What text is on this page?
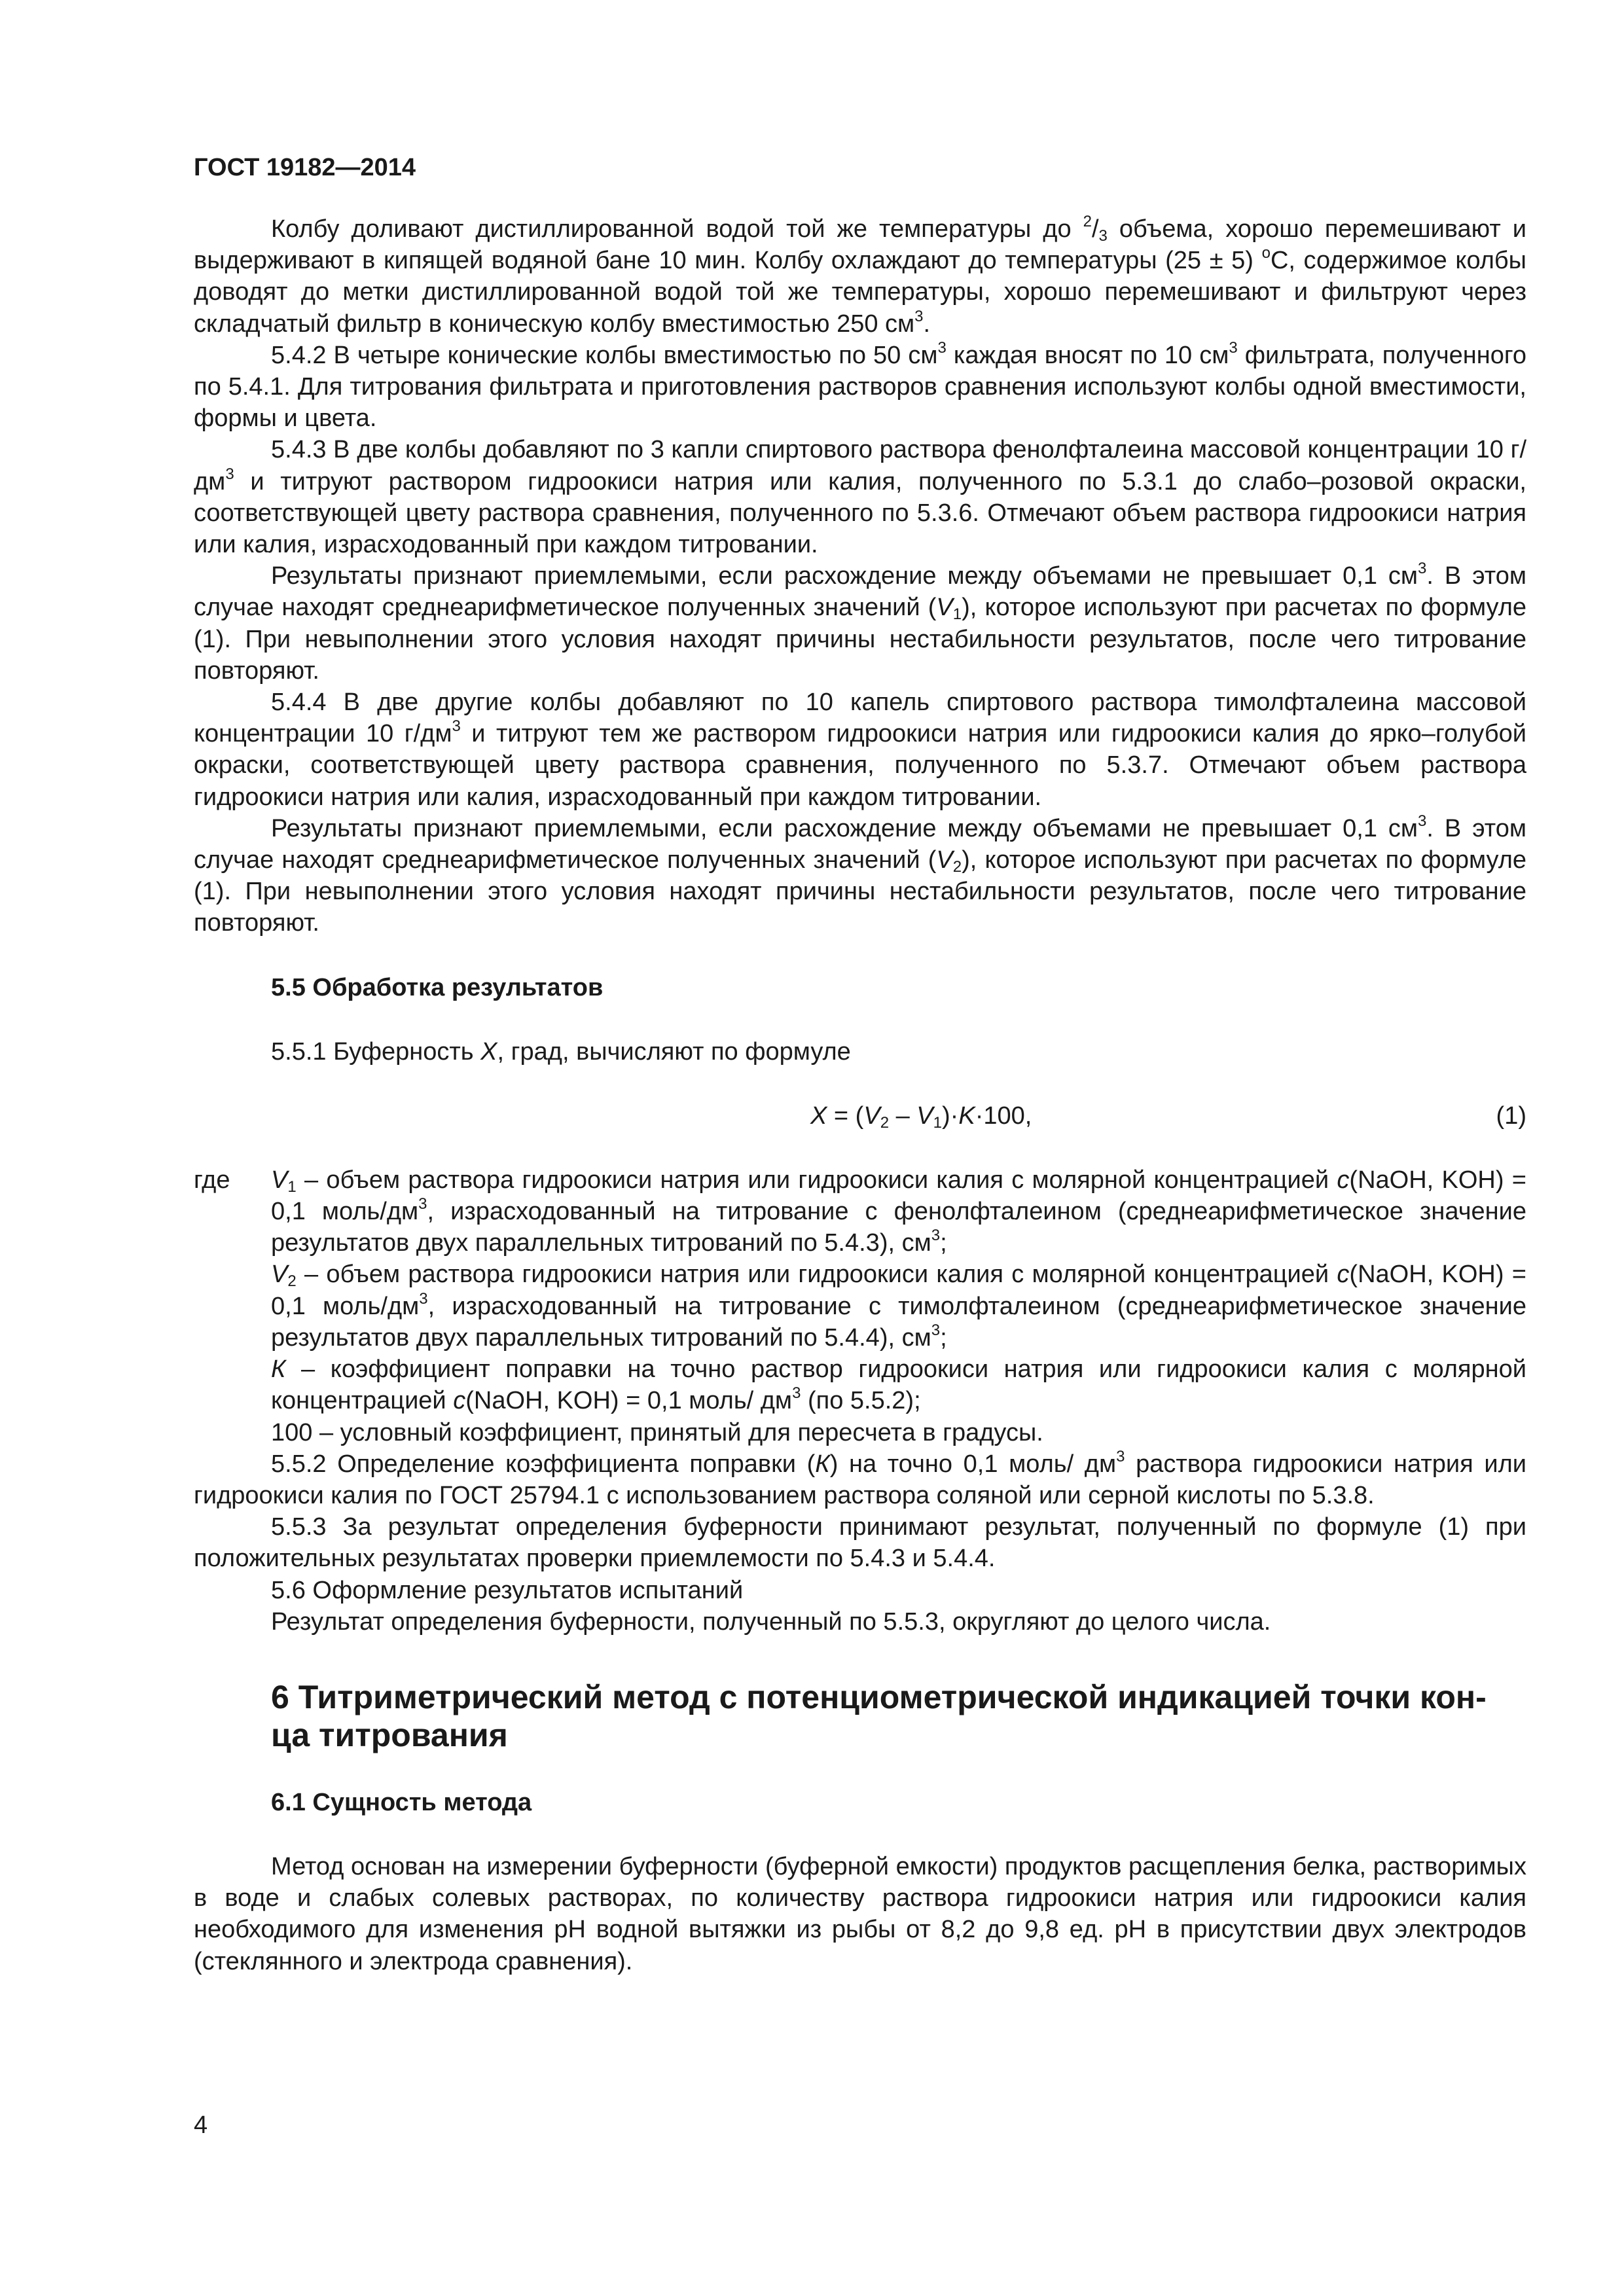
ГОСТ 19182—2014

Колбу доливают дистиллированной водой той же температуры до $^2/_3$ объема, хорошо перемешивают и выдерживают в кипящей водяной бане 10 мин. Колбу охлаждают до температуры (25 ± 5) $^о$С, содержимое колбы доводят до метки дистиллированной водой той же температуры, хорошо перемешивают и фильтруют через складчатый фильтр в коническую колбу вместимостью 250 $см^3$.

5.4.2 В четыре конические колбы вместимостью по 50 $см^3$ каждая вносят по 10 $см^3$ фильтрата, полученного по 5.4.1. Для титрования фильтрата и приготовления растворов сравнения используют колбы одной вместимости, формы и цвета.

5.4.3 В две колбы добавляют по 3 капли спиртового раствора фенолфталеина массовой концентрации 10 $г/дм^3$ и титруют раствором гидроокиси натрия или калия, полученного по 5.3.1 до слабо–розовой окраски, соответствующей цвету раствора сравнения, полученного по 5.3.6. Отмечают объем раствора гидроокиси натрия или калия, израсходованный при каждом титровании.

Результаты признают приемлемыми, если расхождение между объемами не превышает 0,1 $см^3$. В этом случае находят среднеарифметическое полученных значений $(V_1)$, которое используют при расчетах по формуле (1). При невыполнении этого условия находят причины нестабильности результатов, после чего титрование повторяют.

5.4.4 В две другие колбы добавляют по 10 капель спиртового раствора тимолфталеина массовой концентрации 10 $г/дм^3$ и титруют тем же раствором гидроокиси натрия или гидроокиси калия до ярко–голубой окраски, соответствующей цвету раствора сравнения, полученного по 5.3.7. Отмечают объем раствора гидроокиси натрия или калия, израсходованный при каждом титровании.

Результаты признают приемлемыми, если расхождение между объемами не превышает 0,1 $см^3$. В этом случае находят среднеарифметическое полученных значений $(V_2)$, которое используют при расчетах по формуле (1). При невыполнении этого условия находят причины нестабильности результатов, после чего титрование повторяют.

5.5 Обработка результатов

5.5.1 Буферность X, град, вычисляют по формуле

$X = (V_2 - V_1)\cdot K\cdot 100$,	(1)
где $V_1$ – объем раствора гидроокиси натрия или гидроокиси калия с молярной концентрацией с(NaOH, KOH) = 0,1 моль/$дм^3$, израсходованный на титрование с фенолфталеином (среднеарифметическое значение результатов двух параллельных титрований по 5.4.3), $см^3$;

$V_2$ – объем раствора гидроокиси натрия или гидроокиси калия с молярной концентрацией с(NaOH, KOH) = 0,1 моль/$дм^3$, израсходованный на титрование с тимолфталеином (среднеарифметическое значение результатов двух параллельных титрований по 5.4.4), $см^3$;

К – коэффициент поправки на точно раствор гидроокиси натрия или гидроокиси калия с молярной концентрацией с(NaOH, KOH) = 0,1 моль/ $дм^3$ (по 5.5.2);

100 – условный коэффициент, принятый для пересчета в градусы.

5.5.2 Определение коэффициента поправки (К) на точно 0,1 моль/ $дм^3$ раствора гидроокиси натрия или гидроокиси калия по ГОСТ 25794.1 с использованием раствора соляной или серной кислоты по 5.3.8.

5.5.3 За результат определения буферности принимают результат, полученный по формуле (1) при положительных результатах проверки приемлемости по 5.4.3 и 5.4.4.

5.6 Оформление результатов испытаний

Результат определения буферности, полученный по 5.5.3, округляют до целого числа.

6 Титриметрический метод с потенциометрической индикацией точки кон-
ца титрования
6.1 Сущность метода

Метод основан на измерении буферности (буферной емкости) продуктов расщепления белка, растворимых в воде и слабых солевых растворах, по количеству раствора гидроокиси натрия или гидроокиси калия необходимого для изменения рН водной вытяжки из рыбы от 8,2 до 9,8 ед. рН в присутствии двух электродов (стеклянного и электрода сравнения).

4
